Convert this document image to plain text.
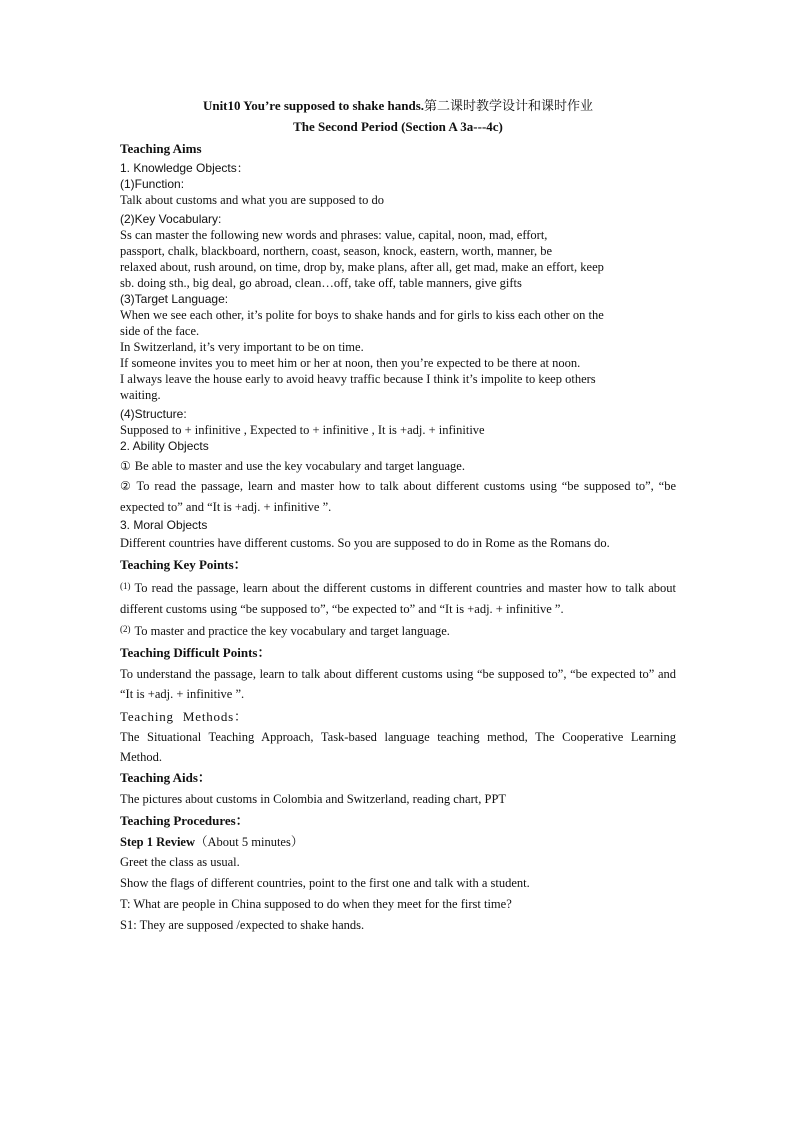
Unit10 You’re supposed to shake hands.第二课时教学设计和课时作业
The Second Period (Section A 3a---4c)
Teaching Aims

1. Knowledge Objects：

(1)Function:

Talk about customs and what you are supposed to do

(2)Key Vocabulary:

Ss can master the following new words and phrases: value, capital, noon, mad, effort,

passport, chalk, blackboard, northern, coast, season, knock, eastern, worth, manner, be

relaxed about, rush around, on time, drop by, make plans, after all, get mad, make an effort, keep

sb. doing sth., big deal, go abroad, clean…off, take off, table manners, give gifts

(3)Target Language:

When we see each other, it’s polite for boys to shake hands and for girls to kiss each other on the

side of the face.

In Switzerland, it’s very important to be on time.

If someone invites you to meet him or her at noon, then you’re expected to be there at noon.

I always leave the house early to avoid heavy traffic because I think it’s impolite to keep others

waiting.

(4)Structure:

Supposed to + infinitive , Expected to + infinitive , It is +adj. + infinitive

2. Ability Objects

① Be able to master and use the key vocabulary and target language.

② To read the passage, learn and master how to talk about different customs using “be supposed to”, “be expected to” and “It is +adj. + infinitive ”.

3. Moral Objects

Different countries have different customs. So you are supposed to do in Rome as the Romans do.

Teaching Key Points：

$^{(1)}$ To read the passage, learn about the different customs in different countries and master how to talk about different customs using “be supposed to”, “be expected to” and “It is +adj. + infinitive ”.

$^{(2)}$ To master and practice the key vocabulary and target language.

Teaching Difficult Points：

To understand the passage, learn to talk about different customs using “be supposed to”, “be expected to” and “It is +adj. + infinitive ”.

Teaching Methods：

The Situational Teaching Approach, Task-based language teaching method, The Cooperative Learning Method.

Teaching Aids：

The pictures about customs in Colombia and Switzerland, reading chart, PPT

Teaching Procedures：

Step 1 Review（About 5 minutes）

Greet the class as usual.

Show the flags of different countries, point to the first one and talk with a student.

T: What are people in China supposed to do when they meet for the first time?

S1: They are supposed /expected to shake hands.
